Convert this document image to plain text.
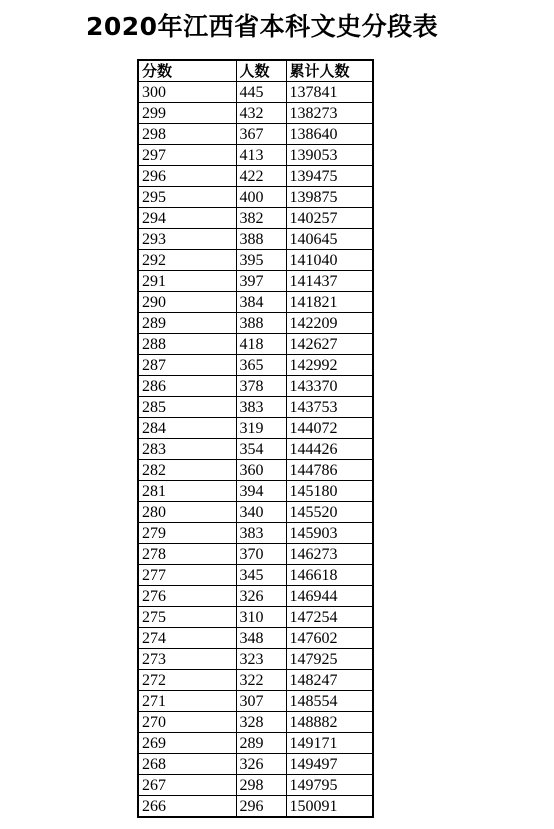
2020年江西省本科文史分段表
分数	人数	累计人数
300	445	137841
299	432	138273
298	367	138640
297	413	139053
296	422	139475
295	400	139875
294	382	140257
293	388	140645
292	395	141040
291	397	141437
290	384	141821
289	388	142209
288	418	142627
287	365	142992
286	378	143370
285	383	143753
284	319	144072
283	354	144426
282	360	144786
281	394	145180
280	340	145520
279	383	145903
278	370	146273
277	345	146618
276	326	146944
275	310	147254
274	348	147602
273	323	147925
272	322	148247
271	307	148554
270	328	148882
269	289	149171
268	326	149497
267	298	149795
266	296	150091
